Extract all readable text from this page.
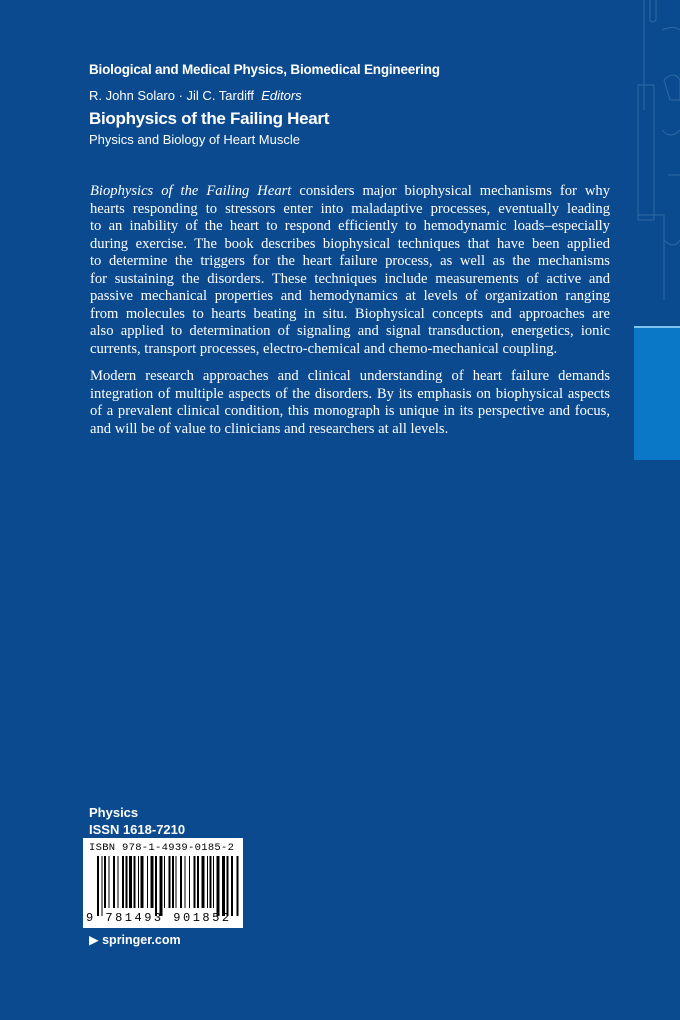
Biological and Medical Physics, Biomedical Engineering
R. John Solaro · Jil C. Tardiff Editors
Biophysics of the Failing Heart
Physics and Biology of Heart Muscle
Biophysics of the Failing Heart considers major biophysical mechanisms for why
hearts responding to stressors enter into maladaptive processes, eventually leading
to an inability of the heart to respond efficiently to hemodynamic loads–especially
during exercise. The book describes biophysical techniques that have been applied
to determine the triggers for the heart failure process, as well as the mechanisms
for sustaining the disorders. These techniques include measurements of active and
passive mechanical properties and hemodynamics at levels of organization ranging
from molecules to hearts beating in situ. Biophysical concepts and approaches are
also applied to determination of signaling and signal transduction, energetics, ionic
currents, transport processes, electro-chemical and chemo-mechanical coupling.
Modern research approaches and clinical understanding of heart failure demands
integration of multiple aspects of the disorders. By its emphasis on biophysical aspects
of a prevalent clinical condition, this monograph is unique in its perspective and focus,
and will be of value to clinicians and researchers at all levels.
Physics
ISSN 1618-7210
ISBN 978-1-4939-0185-2
9 781493 901852
▶ springer.com
